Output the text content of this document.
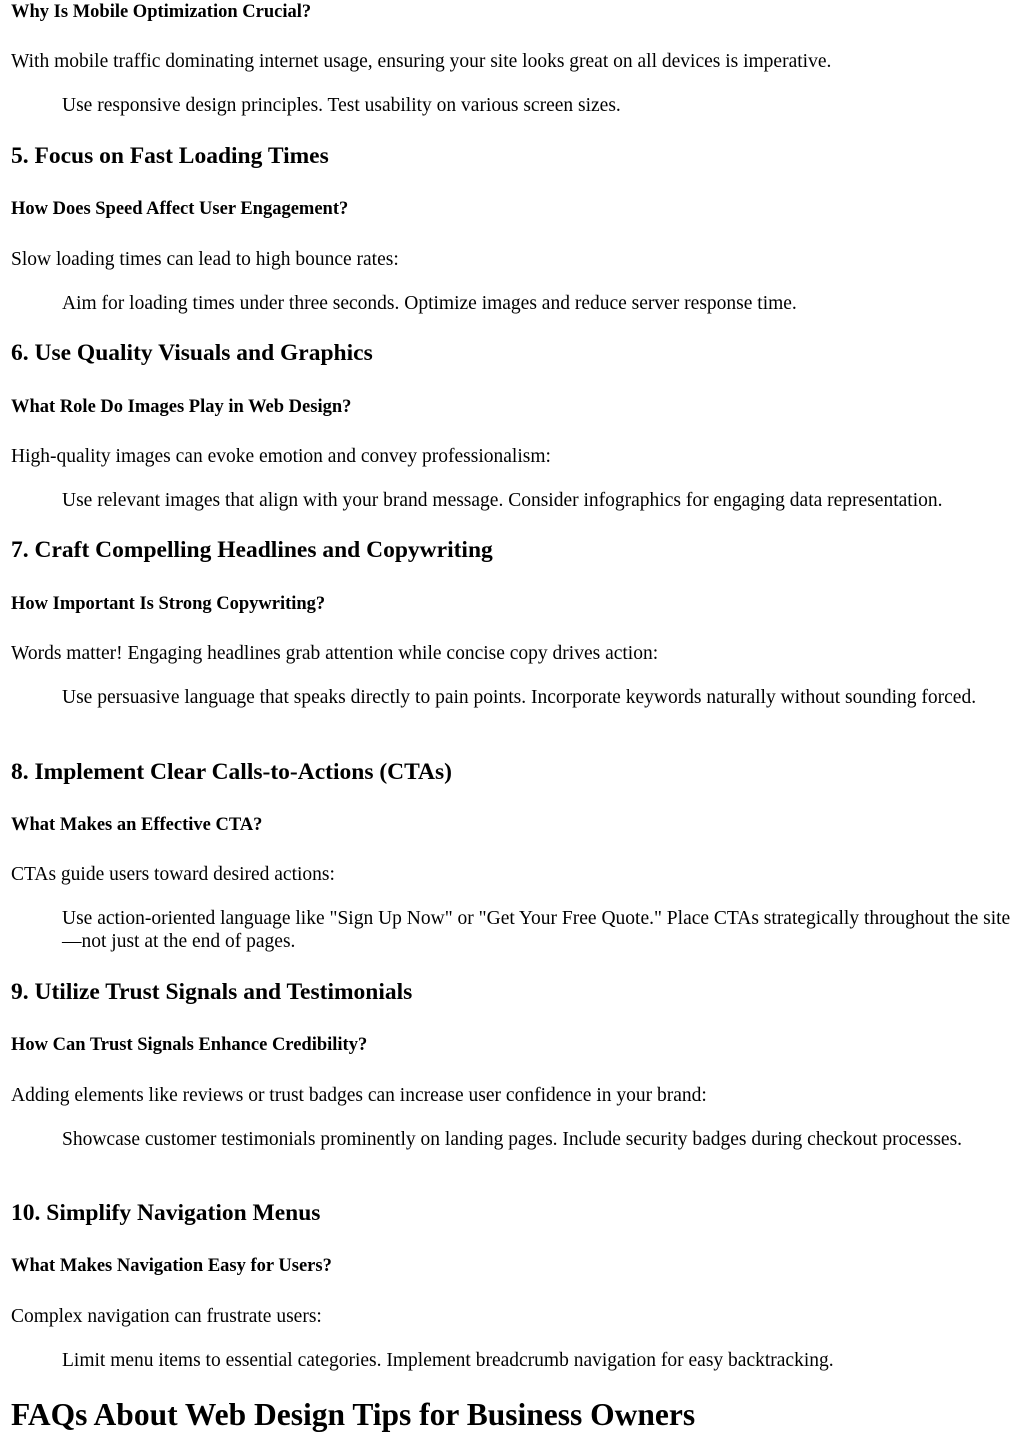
Why Is Mobile Optimization Crucial?

With mobile traffic dominating internet usage, ensuring your site looks great on all devices is imperative.

Use responsive design principles. Test usability on various screen sizes.

5. Focus on Fast Loading Times
How Does Speed Affect User Engagement?

Slow loading times can lead to high bounce rates:

Aim for loading times under three seconds. Optimize images and reduce server response time.

6. Use Quality Visuals and Graphics
What Role Do Images Play in Web Design?

High-quality images can evoke emotion and convey professionalism:

Use relevant images that align with your brand message. Consider infographics for engaging data representation.

7. Craft Compelling Headlines and Copywriting
How Important Is Strong Copywriting?

Words matter! Engaging headlines grab attention while concise copy drives action:

Use persuasive language that speaks directly to pain points. Incorporate keywords naturally without sounding forced.

8. Implement Clear Calls-to-Actions (CTAs)
What Makes an Effective CTA?

CTAs guide users toward desired actions:

Use action-oriented language like "Sign Up Now" or "Get Your Free Quote." Place CTAs strategically throughout the site—not just at the end of pages.

9. Utilize Trust Signals and Testimonials
How Can Trust Signals Enhance Credibility?

Adding elements like reviews or trust badges can increase user confidence in your brand:

Showcase customer testimonials prominently on landing pages. Include security badges during checkout processes.

10. Simplify Navigation Menus
What Makes Navigation Easy for Users?

Complex navigation can frustrate users:

Limit menu items to essential categories. Implement breadcrumb navigation for easy backtracking.

FAQs About Web Design Tips for Business Owners
